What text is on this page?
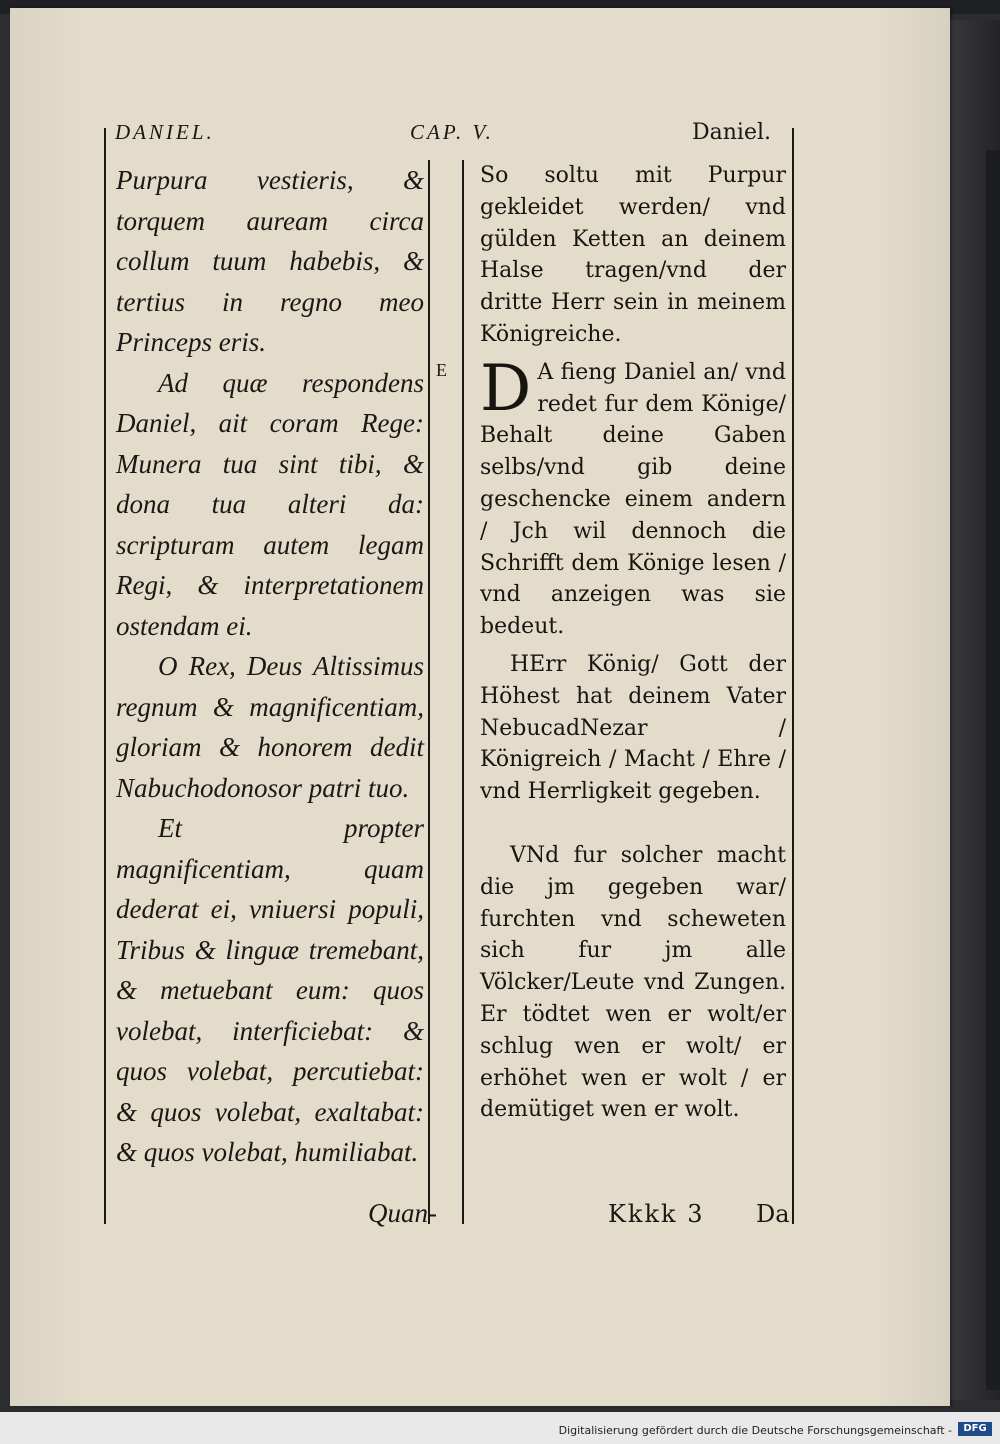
DANIEL.	CAP. V.	Daniel.

Purpura vestieris, & torquem auream circa collum tuum habebis, & tertius in regno meo Princeps eris.

Ad quæ respondens Daniel, ait coram Rege: Munera tua sint tibi, & dona tua alteri da: scripturam autem legam Regi, & interpretationem ostendam ei.

O Rex, Deus Altissimus regnum & magnificentiam, gloriam & honorem dedit Nabuchodonosor patri tuo.

Et propter magnificentiam, quam dederat ei, vniuersi populi, Tribus & linguæ tremebant, & metuebant eum: quos volebat, interficiebat: & quos volebat, percutiebat: & quos volebat, exaltabat: & quos volebat, humiliabat.

E

So soltu mit Purpur gekleidet werden/ vnd gülden Ketten an deinem Halse tragen/vnd der dritte Herr sein in meinem Königreiche.

D A fieng Daniel an/ vnd redet fur dem Könige/ Behalt deine Gaben selbs/vnd gib deine geschencke einem andern / Jch wil dennoch die Schrifft dem Könige lesen / vnd anzeigen was sie bedeut.

HErr König/ Gott der Höhest hat deinem Vater NebucadNezar / Königreich / Macht / Ehre / vnd Herrligkeit gegeben.

VNd fur solcher macht die jm gegeben war/ furchten vnd scheweten sich fur jm alle Völcker/Leute vnd Zungen. Er tödtet wen er wolt/er schlug wen er wolt/ er erhöhet wen er wolt / er demütiget wen er wolt.

Quan-	Kkkk 3 Da
Digitalisierung gefördert durch die Deutsche Forschungsgemeinschaft -	DFG
